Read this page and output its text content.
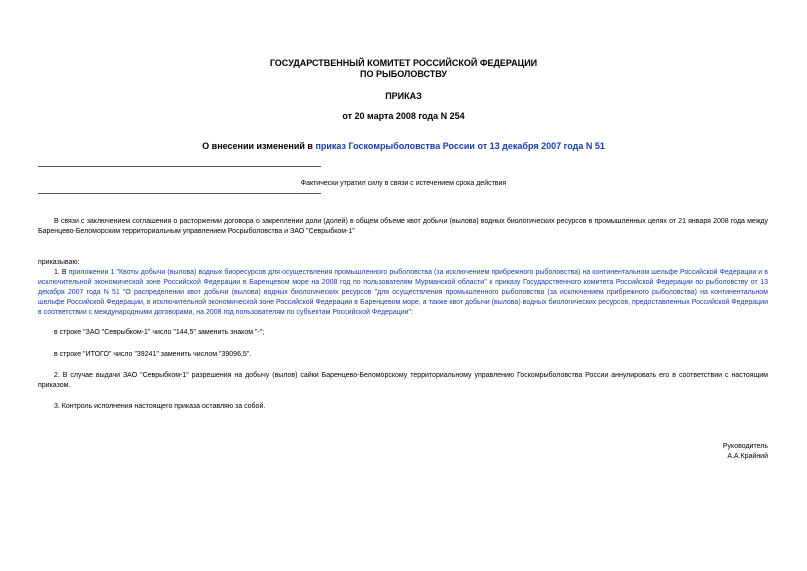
ГОСУДАРСТВЕННЫЙ КОМИТЕТ РОССИЙСКОЙ ФЕДЕРАЦИИ
ПО РЫБОЛОВСТВУ
ПРИКАЗ
от 20 марта 2008 года N 254
О внесении изменений в приказ Госкомрыболовства России от 13 декабря 2007 года N 51
Фактически утратил силу в связи с истечением срока действия
В связи с заключением соглашения о расторжении договора о закреплении доли (долей) в общем объеме квот добычи (вылова) водных биологических ресурсов в промышленных целях от 21 января 2008 года между Баренцево-Беломорским территориальным управлением Росрыболовства и ЗАО "Севрыбком-1"
приказываю:
1. В приложении 1 "Квоты добычи (вылова) водных биоресурсов для осуществления промышленного рыболовства (за исключением прибрежного рыболовства) на континентальном шельфе Российской Федерации и в исключительной экономической зоне Российской Федерации в Баренцевом море на 2008 год по пользователям Мурманской области" к приказу Государственного комитета Российской Федерации по рыболовству от 13 декабря 2007 года N 51 "О распределении квот добычи (вылова) водных биологических ресурсов "для осуществления промышленного рыболовства (за исключением прибрежного рыболовства) на континентальном шельфе Российской Федерации, в исключительной экономической зоне Российской Федерации в Баренцевом море, а также квот добычи (вылова) водных биологических ресурсов, предоставленных Российской Федерации в соответствии с международными договорами, на 2008 год пользователям по субъектам Российской Федерации":
в строке "ЗАО "Севрыбком-1" число "144,5" заменить знаком "-";
в строке "ИТОГО" число "39241" заменить числом "39096,5".
2. В случае выдачи ЗАО "Севрыбком-1" разрешения на добычу (вылов) сайки Баренцево-Беломорскому территориальному управлению Госкомрыболовства России аннулировать его в соответствии с настоящим приказом.
3. Контроль исполнения настоящего приказа оставляю за собой.
Руководитель
А.А.Крайний
